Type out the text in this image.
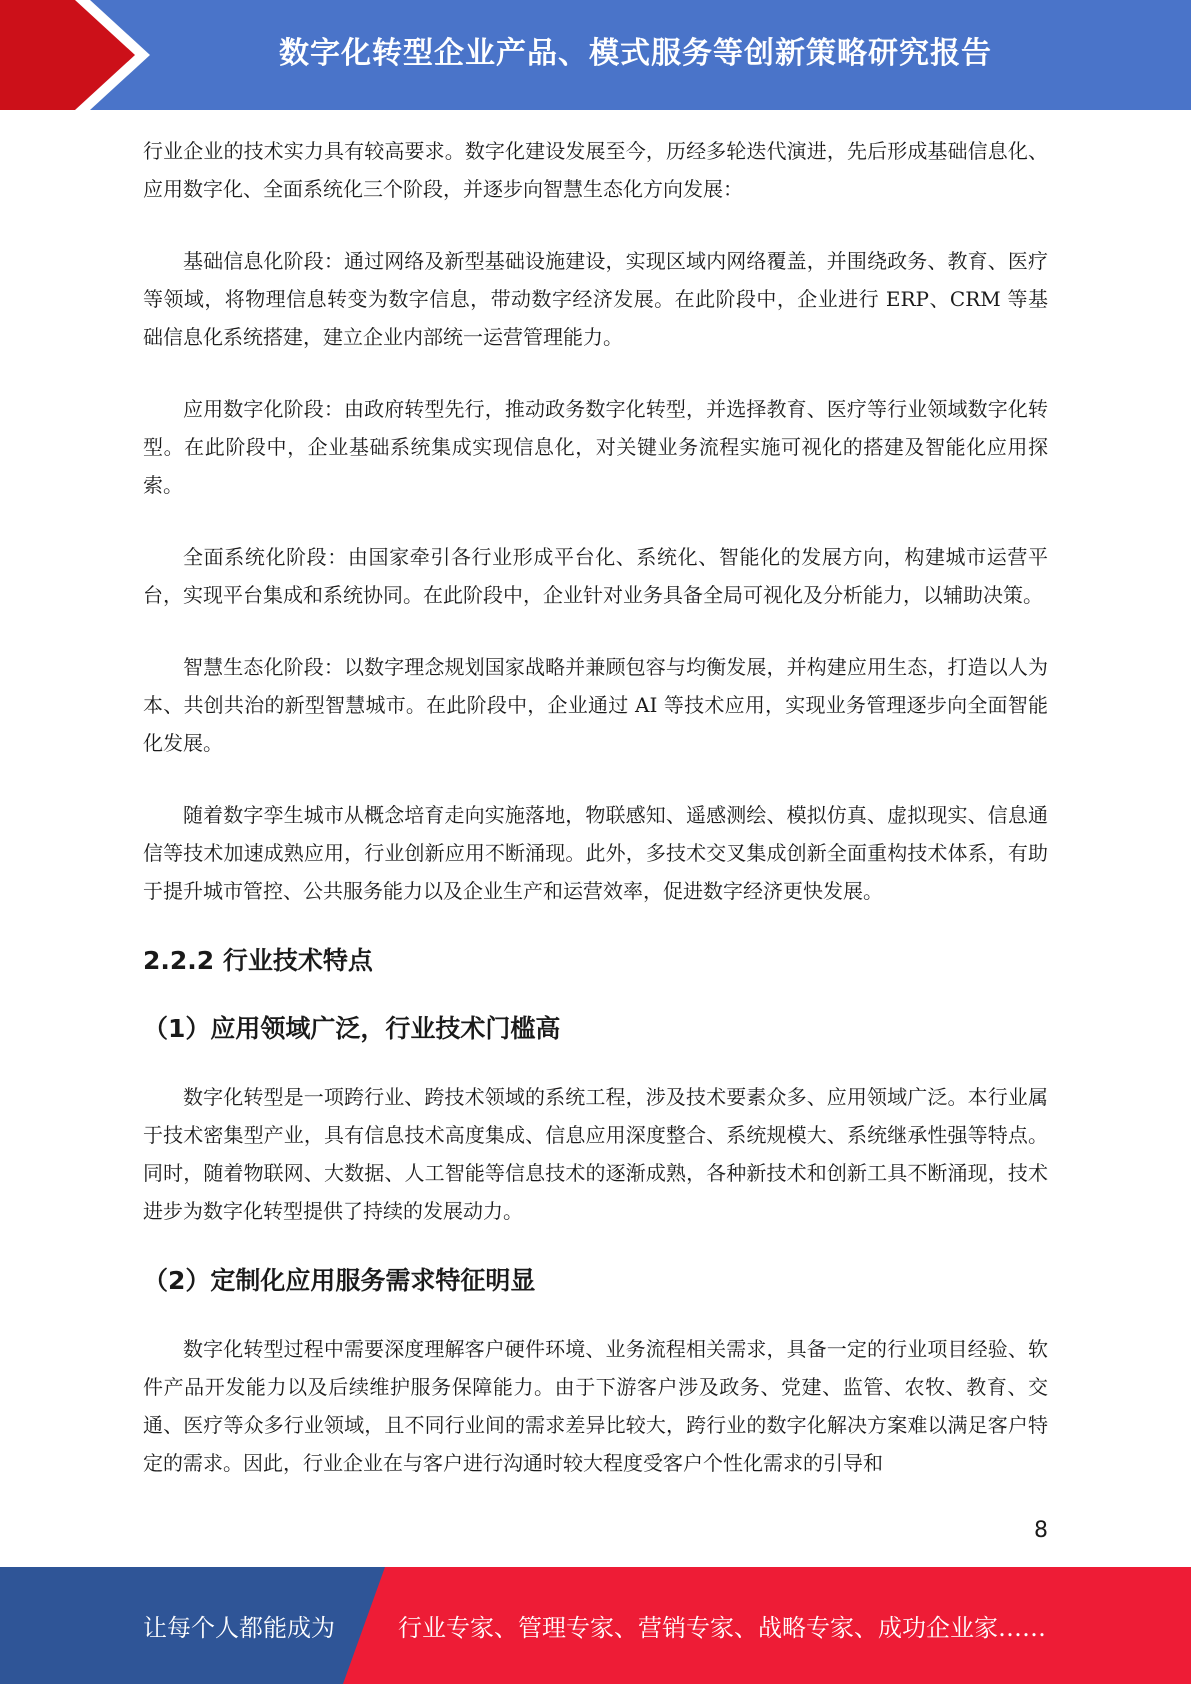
数字化转型企业产品、模式服务等创新策略研究报告

行业企业的技术实力具有较高要求。数字化建设发展至今，历经多轮迭代演进，先后形成基础信息化、应用数字化、全面系统化三个阶段，并逐步向智慧生态化方向发展：

基础信息化阶段：通过网络及新型基础设施建设，实现区域内网络覆盖，并围绕政务、教育、医疗等领域，将物理信息转变为数字信息，带动数字经济发展。在此阶段中，企业进行 ERP、CRM 等基础信息化系统搭建，建立企业内部统一运营管理能力。

应用数字化阶段：由政府转型先行，推动政务数字化转型，并选择教育、医疗等行业领域数字化转型。在此阶段中，企业基础系统集成实现信息化，对关键业务流程实施可视化的搭建及智能化应用探索。

全面系统化阶段：由国家牵引各行业形成平台化、系统化、智能化的发展方向，构建城市运营平台，实现平台集成和系统协同。在此阶段中，企业针对业务具备全局可视化及分析能力，以辅助决策。

智慧生态化阶段：以数字理念规划国家战略并兼顾包容与均衡发展，并构建应用生态，打造以人为本、共创共治的新型智慧城市。在此阶段中，企业通过 AI 等技术应用，实现业务管理逐步向全面智能化发展。

随着数字孪生城市从概念培育走向实施落地，物联感知、遥感测绘、模拟仿真、虚拟现实、信息通信等技术加速成熟应用，行业创新应用不断涌现。此外，多技术交叉集成创新全面重构技术体系，有助于提升城市管控、公共服务能力以及企业生产和运营效率，促进数字经济更快发展。

2.2.2 行业技术特点
（1）应用领域广泛，行业技术门槛高

数字化转型是一项跨行业、跨技术领域的系统工程，涉及技术要素众多、应用领域广泛。本行业属于技术密集型产业，具有信息技术高度集成、信息应用深度整合、系统规模大、系统继承性强等特点。同时，随着物联网、大数据、人工智能等信息技术的逐渐成熟，各种新技术和创新工具不断涌现，技术进步为数字化转型提供了持续的发展动力。

（2）定制化应用服务需求特征明显

数字化转型过程中需要深度理解客户硬件环境、业务流程相关需求，具备一定的行业项目经验、软件产品开发能力以及后续维护服务保障能力。由于下游客户涉及政务、党建、监管、农牧、教育、交通、医疗等众多行业领域，且不同行业间的需求差异比较大，跨行业的数字化解决方案难以满足客户特定的需求。因此，行业企业在与客户进行沟通时较大程度受客户个性化需求的引导和

8
让每个人都能成为	行业专家、管理专家、营销专家、战略专家、成功企业家……
